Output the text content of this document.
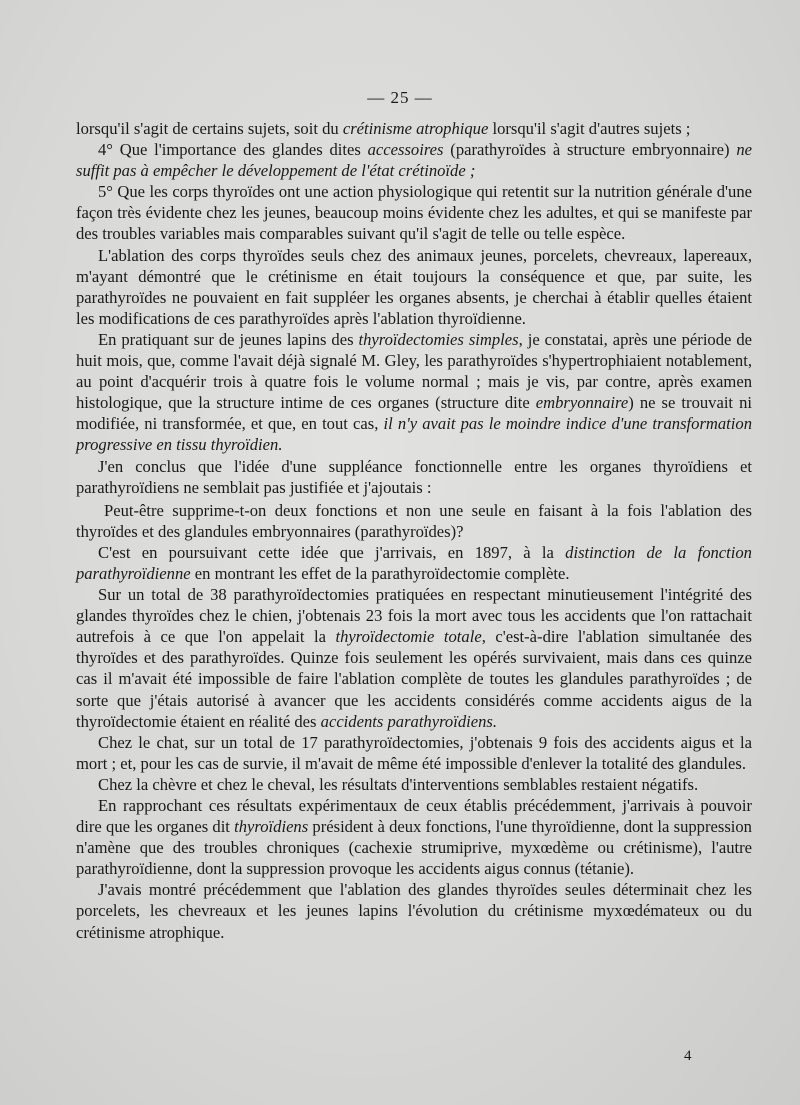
— 25 —

lorsqu'il s'agit de certains sujets, soit du crétinisme atrophique lorsqu'il s'agit d'autres sujets ;

4° Que l'importance des glandes dites accessoires (parathyroïdes à structure embryonnaire) ne suffit pas à empêcher le développement de l'état crétinoïde ;

5° Que les corps thyroïdes ont une action physiologique qui retentit sur la nutrition générale d'une façon très évidente chez les jeunes, beaucoup moins évidente chez les adultes, et qui se manifeste par des troubles variables mais comparables suivant qu'il s'agit de telle ou telle espèce.

L'ablation des corps thyroïdes seuls chez des animaux jeunes, porcelets, chevreaux, lapereaux, m'ayant démontré que le crétinisme en était toujours la conséquence et que, par suite, les parathyroïdes ne pouvaient en fait suppléer les organes absents, je cherchai à établir quelles étaient les modifications de ces parathyroïdes après l'ablation thyroïdienne.

En pratiquant sur de jeunes lapins des thyroïdectomies simples, je constatai, après une période de huit mois, que, comme l'avait déjà signalé M. Gley, les parathyroïdes s'hypertrophiaient notablement, au point d'acquérir trois à quatre fois le volume normal ; mais je vis, par contre, après examen histologique, que la structure intime de ces organes (structure dite embryonnaire) ne se trouvait ni modifiée, ni transformée, et que, en tout cas, il n'y avait pas le moindre indice d'une transformation progressive en tissu thyroïdien.

J'en conclus que l'idée d'une suppléance fonctionnelle entre les organes thyroïdiens et parathyroïdiens ne semblait pas justifiée et j'ajoutais :

Peut-être supprime-t-on deux fonctions et non une seule en faisant à la fois l'ablation des thyroïdes et des glandules embryonnaires (parathyroïdes)?

C'est en poursuivant cette idée que j'arrivais, en 1897, à la distinction de la fonction parathyroïdienne en montrant les effet de la parathyroïdectomie complète.

Sur un total de 38 parathyroïdectomies pratiquées en respectant minutieusement l'intégrité des glandes thyroïdes chez le chien, j'obtenais 23 fois la mort avec tous les accidents que l'on rattachait autrefois à ce que l'on appelait la thyroïdectomie totale, c'est-à-dire l'ablation simultanée des thyroïdes et des parathyroïdes. Quinze fois seulement les opérés survivaient, mais dans ces quinze cas il m'avait été impossible de faire l'ablation complète de toutes les glandules parathyroïdes ; de sorte que j'étais autorisé à avancer que les accidents considérés comme accidents aigus de la thyroïdectomie étaient en réalité des accidents parathyroïdiens.

Chez le chat, sur un total de 17 parathyroïdectomies, j'obtenais 9 fois des accidents aigus et la mort ; et, pour les cas de survie, il m'avait de même été impossible d'enlever la totalité des glandules.

Chez la chèvre et chez le cheval, les résultats d'interventions semblables restaient négatifs.

En rapprochant ces résultats expérimentaux de ceux établis précédemment, j'arrivais à pouvoir dire que les organes dit thyroïdiens président à deux fonctions, l'une thyroïdienne, dont la suppression n'amène que des troubles chroniques (cachexie strumiprive, myxœdème ou crétinisme), l'autre parathyroïdienne, dont la suppression provoque les accidents aigus connus (tétanie).

J'avais montré précédemment que l'ablation des glandes thyroïdes seules déterminait chez les porcelets, les chevreaux et les jeunes lapins l'évolution du crétinisme myxœdémateux ou du crétinisme atrophique.

4
